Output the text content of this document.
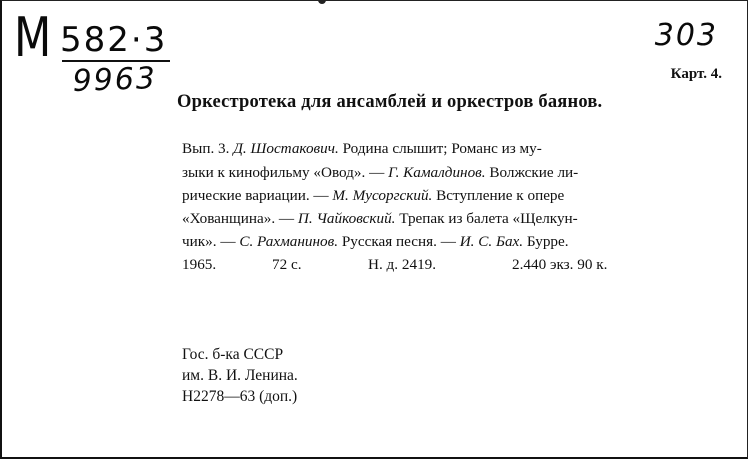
M 582·3
9963
303
Карт. 4.
Оркестротека для ансамблей и оркестров баянов.
Вып. 3. Д. Шостакович. Родина слышит; Романс из му-
зыки к кинофильму «Овод». — Г. Камалдинов. Волжские ли-
рические вариации. — М. Мусоргский. Вступление к опере
«Хованщина». — П. Чайковский. Трепак из балета «Щелкун-
чик». — С. Рахманинов. Русская песня. — И. С. Бах. Бурре.
1965.	72 с.	Н. д. 2419.	2.440 экз. 90 к.
Гос. б-ка СССР
им. В. И. Ленина.
Н2278—63 (доп.)
